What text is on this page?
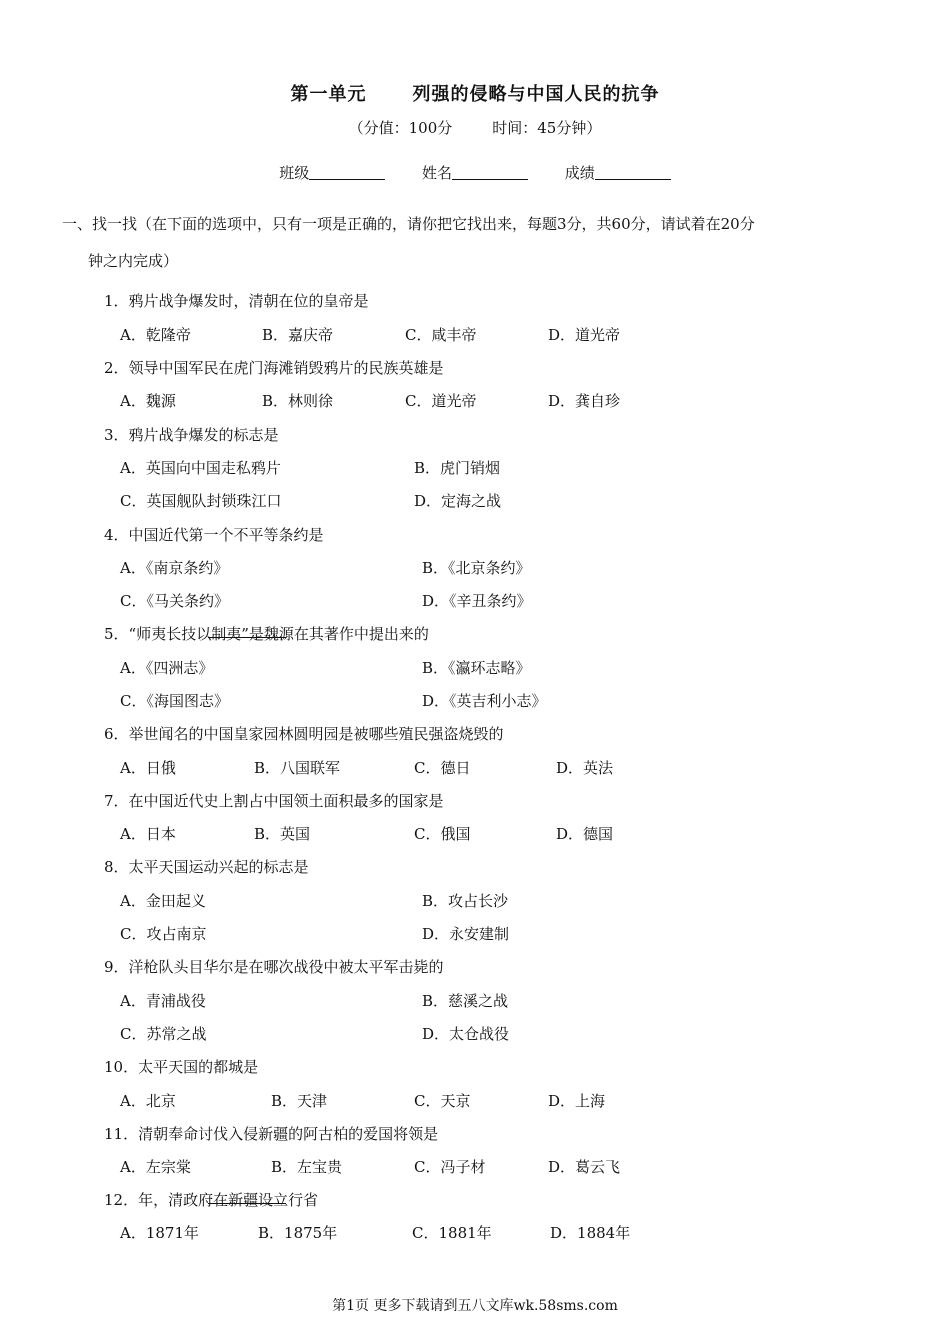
第一单元	列强的侵略与中国人民的抗争
（分值：100分	时间：45分钟）
班级	姓名	成绩
一、找一找（在下面的选项中，只有一项是正确的，请你把它找出来，每题3分，共60分，请试着在20分
钟之内完成）
1．鸦片战争爆发时，清朝在位的皇帝是
A．乾隆帝	B．嘉庆帝	C．咸丰帝	D．道光帝
2．领导中国军民在虎门海滩销毁鸦片的民族英雄是
A．魏源	B．林则徐	C．道光帝	D．龚自珍
3．鸦片战争爆发的标志是
A．英国向中国走私鸦片	B．虎门销烟
C．英国舰队封锁珠江口	D．定海之战
4．中国近代第一个不平等条约是
A．《南京条约》	B．《北京条约》
C．《马关条约》	D．《辛丑条约》
5．“师夷长技以制夷”是魏源在其著作
中提出来的
A．《四洲志》	B．《瀛环志略》
C．《海国图志》	D．《英吉利小志》
6．举世闻名的中国皇家园林圆明园是被哪些殖民强盗烧毁的
A．日俄	B．八国联军	C．德日	D．英法
7．在中国近代史上割占中国领土面积最多的国家是
A．日本	B．英国	C．俄国	D．德国
8．太平天国运动兴起的标志是
A．金田起义	B．攻占长沙
C．攻占南京	D．永安建制
9．洋枪队头目华尔是在哪次战役中被太平军击毙的
A．青浦战役	B．慈溪之战
C．苏常之战	D．太仓战役
10．太平天国的都城是
A．北京	B．天津	C．天京	D．上海
11．清朝奉命讨伐入侵新疆的阿古柏的爱国将领是
A．左宗棠	B．左宝贵	C．冯子材	D．葛云飞
12．
年，清政府在新疆设立行省
A．1871年	B．1875年	C．1881年	D．1884年
第1页 更多下载请到五八文库wk.58sms.com
